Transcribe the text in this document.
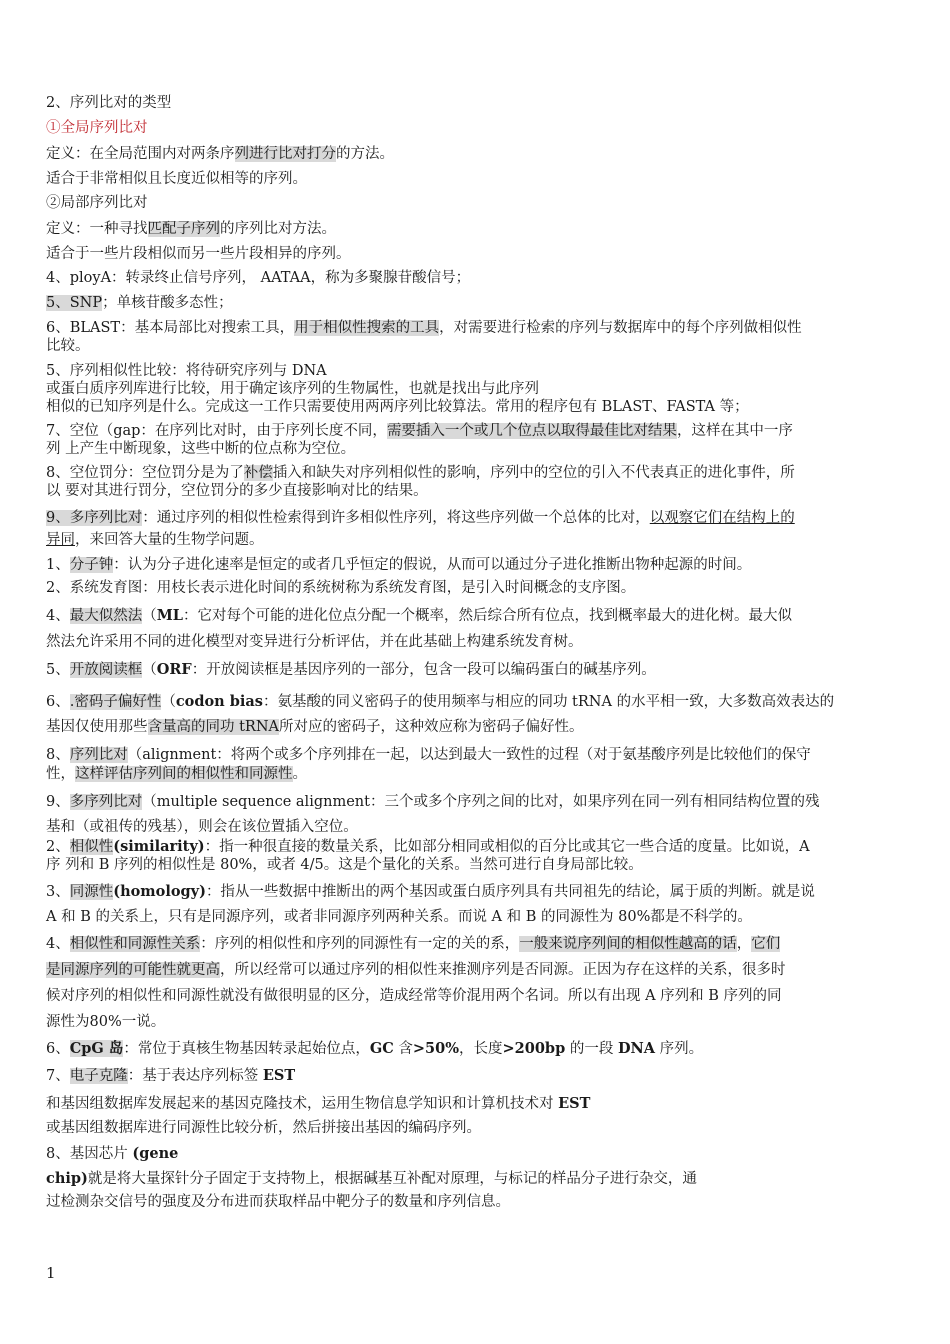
2、序列比对的类型
①全局序列比对
定义：在全局范围内对两条序列进行比对打分的方法。
适合于非常相似且长度近似相等的序列。
②局部序列比对
定义：一种寻找匹配子序列的序列比对方法。
适合于一些片段相似而另一些片段相异的序列。
4、ployA：转录终止信号序列， AATAA，称为多聚腺苷酸信号；
5、SNP；单核苷酸多态性；
6、BLAST：基本局部比对搜索工具，用于相似性搜索的工具，对需要进行检索的序列与数据库中的每个序列做相似性
比较。
5、序列相似性比较：将待研究序列与 DNA
或蛋白质序列库进行比较，用于确定该序列的生物属性，也就是找出与此序列
相似的已知序列是什么。完成这一工作只需要使用两两序列比较算法。常用的程序包有 BLAST、FASTA 等；
7、空位（gap：在序列比对时，由于序列长度不同，需要插入一个或几个位点以取得最佳比对结果，这样在其中一序
列 上产生中断现象，这些中断的位点称为空位。
8、空位罚分：空位罚分是为了补偿插入和缺失对序列相似性的影响，序列中的空位的引入不代表真正的进化事件，所
以 要对其进行罚分，空位罚分的多少直接影响对比的结果。
9、多序列比对：通过序列的相似性检索得到许多相似性序列，将这些序列做一个总体的比对，以观察它们在结构上的
异同，来回答大量的生物学问题。
1、分子钟：认为分子进化速率是恒定的或者几乎恒定的假说，从而可以通过分子进化推断出物种起源的时间。
2、系统发育图：用枝长表示进化时间的系统树称为系统发育图，是引入时间概念的支序图。
4、最大似然法（ML：它对每个可能的进化位点分配一个概率，然后综合所有位点，找到概率最大的进化树。最大似
然法允许采用不同的进化模型对变异进行分析评估，并在此基础上构建系统发育树。
5、开放阅读框（ORF：开放阅读框是基因序列的一部分，包含一段可以编码蛋白的碱基序列。
6、.密码子偏好性（codon bias：氨基酸的同义密码子的使用频率与相应的同功 tRNA 的水平相一致，大多数高效表达的
基因仅使用那些含量高的同功 tRNA所对应的密码子，这种效应称为密码子偏好性。
8、序列比对（alignment：将两个或多个序列排在一起，以达到最大一致性的过程（对于氨基酸序列是比较他们的保守
性，这样评估序列间的相似性和同源性。
9、多序列比对（multiple sequence alignment：三个或多个序列之间的比对，如果序列在同一列有相同结构位置的残
基和（或祖传的残基），则会在该位置插入空位。
2、相似性(similarity)：指一种很直接的数量关系，比如部分相同或相似的百分比或其它一些合适的度量。比如说，A
序 列和 B 序列的相似性是 80%，或者 4/5。这是个量化的关系。当然可进行自身局部比较。
3、同源性(homology)：指从一些数据中推断出的两个基因或蛋白质序列具有共同祖先的结论，属于质的判断。就是说
A 和 B 的关系上，只有是同源序列，或者非同源序列两种关系。而说 A 和 B 的同源性为 80%都是不科学的。
4、相似性和同源性关系：序列的相似性和序列的同源性有一定的关的系，一般来说序列间的相似性越高的话，它们
是同源序列的可能性就更高，所以经常可以通过序列的相似性来推测序列是否同源。正因为存在这样的关系，很多时
候对序列的相似性和同源性就没有做很明显的区分，造成经常等价混用两个名词。所以有出现 A 序列和 B 序列的同
源性为80%一说。
6、CpG 岛：常位于真核生物基因转录起始位点，GC 含>50%，长度>200bp 的一段 DNA 序列。
7、电子克隆：基于表达序列标签 EST
和基因组数据库发展起来的基因克隆技术，运用生物信息学知识和计算机技术对 EST
或基因组数据库进行同源性比较分析，然后拼接出基因的编码序列。
8、基因芯片 (gene
chip)就是将大量探针分子固定于支持物上，根据碱基互补配对原理，与标记的样品分子进行杂交，通
过检测杂交信号的强度及分布进而获取样品中靶分子的数量和序列信息。
1
